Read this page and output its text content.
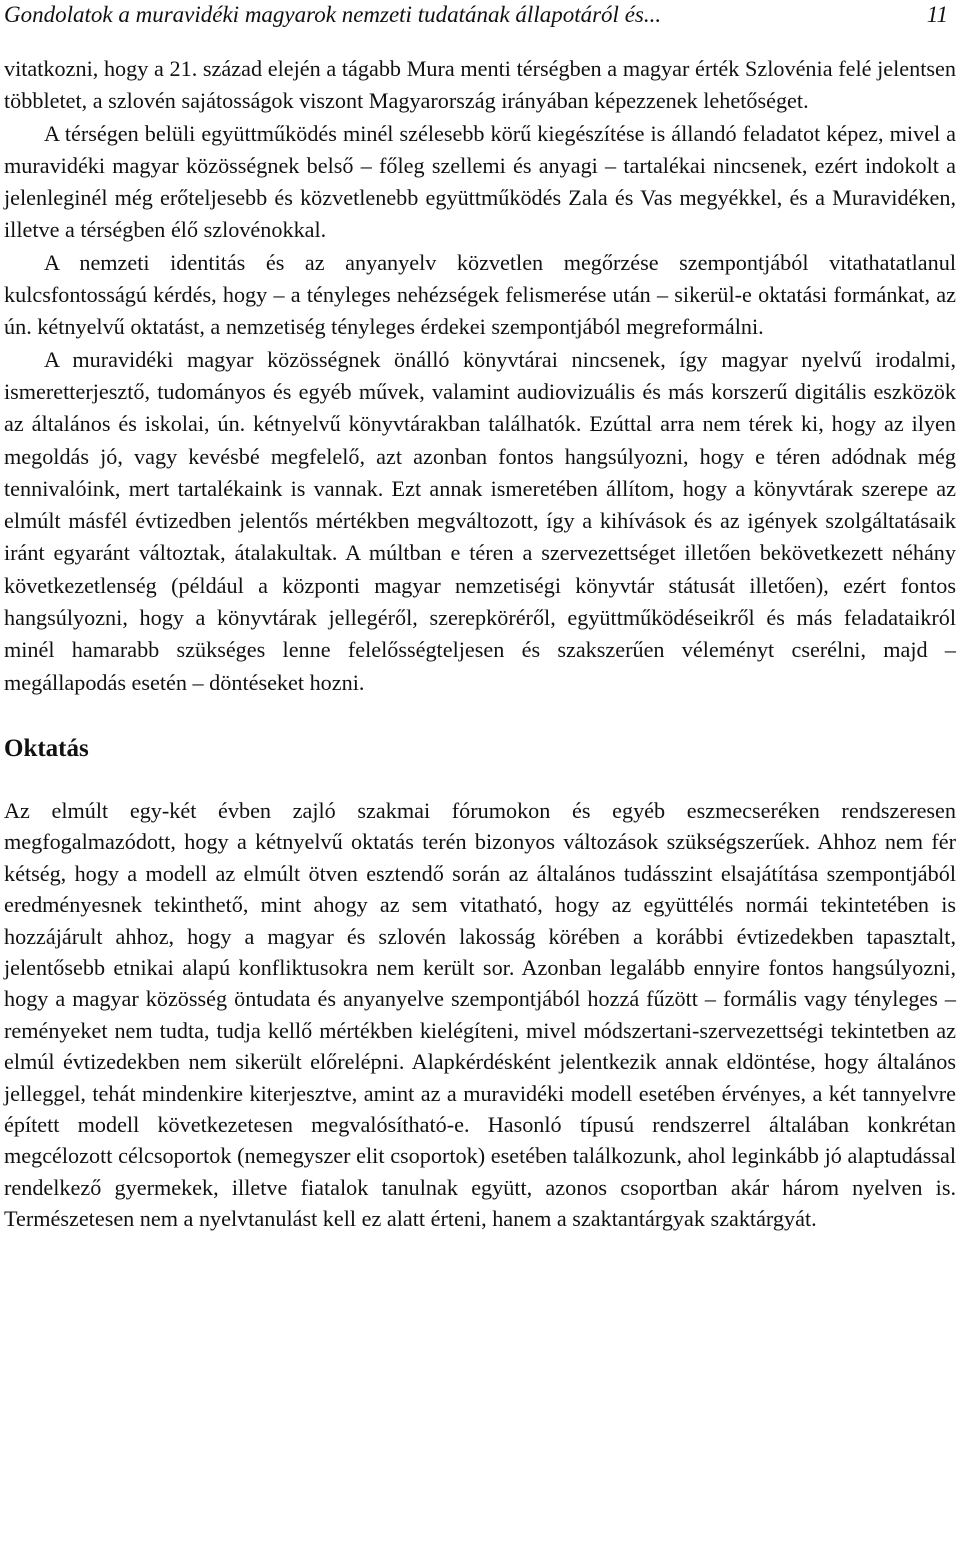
Gondolatok a muravidéki magyarok nemzeti tudatának állapotáról és...	11

vitatkozni, hogy a 21. század elején a tágabb Mura menti térségben a magyar érték Szlovénia felé jelentsen többletet, a szlovén sajátosságok viszont Magyarország irányában képezzenek lehetőséget.

A térségen belüli együttműködés minél szélesebb körű kiegészítése is állandó feladatot képez, mivel a muravidéki magyar közösségnek belső – főleg szellemi és anyagi – tartalékai nincsenek, ezért indokolt a jelenleginél még erőteljesebb és közvetlenebb együttműködés Zala és Vas megyékkel, és a Muravidéken, illetve a térségben élő szlovénokkal.

A nemzeti identitás és az anyanyelv közvetlen megőrzése szempontjából vitathatatlanul kulcsfontosságú kérdés, hogy – a tényleges nehézségek felismerése után – sikerül-e oktatási formánkat, az ún. kétnyelvű oktatást, a nemzetiség tényleges érdekei szempontjából megreformálni.

A muravidéki magyar közösségnek önálló könyvtárai nincsenek, így magyar nyelvű irodalmi, ismeretterjesztő, tudományos és egyéb művek, valamint audiovizuális és más korszerű digitális eszközök az általános és iskolai, ún. kétnyelvű könyvtárakban találhatók. Ezúttal arra nem térek ki, hogy az ilyen megoldás jó, vagy kevésbé megfelelő, azt azonban fontos hangsúlyozni, hogy e téren adódnak még tennivalóink, mert tartalékaink is vannak. Ezt annak ismeretében állítom, hogy a könyvtárak szerepe az elmúlt másfél évtizedben jelentős mértékben megváltozott, így a kihívások és az igények szolgáltatásaik iránt egyaránt változtak, átalakultak. A múltban e téren a szervezettséget illetően bekövetkezett néhány következetlenség (például a központi magyar nemzetiségi könyvtár státusát illetően), ezért fontos hangsúlyozni, hogy a könyvtárak jellegéről, szerepköréről, együttműködéseikről és más feladataikról minél hamarabb szükséges lenne felelősségteljesen és szakszerűen véleményt cserélni, majd – megállapodás esetén – döntéseket hozni.

Oktatás

Az elmúlt egy-két évben zajló szakmai fórumokon és egyéb eszmecseréken rendszeresen megfogalmazódott, hogy a kétnyelvű oktatás terén bizonyos változások szükségszerűek. Ahhoz nem fér kétség, hogy a modell az elmúlt ötven esztendő során az általános tudásszint elsajátítása szempontjából eredményesnek tekinthető, mint ahogy az sem vitatható, hogy az együttélés normái tekintetében is hozzájárult ahhoz, hogy a magyar és szlovén lakosság körében a korábbi évtizedekben tapasztalt, jelentősebb etnikai alapú konfliktusokra nem került sor. Azonban legalább ennyire fontos hangsúlyozni, hogy a magyar közösség öntudata és anyanyelve szempontjából hozzá fűzött – formális vagy tényleges – reményeket nem tudta, tudja kellő mértékben kielégíteni, mivel módszertani-szervezettségi tekintetben az elmúl évtizedekben nem sikerült előrelépni. Alapkérdésként jelentkezik annak eldöntése, hogy általános jelleggel, tehát mindenkire kiterjesztve, amint az a muravidéki modell esetében érvényes, a két tannyelvre épített modell következetesen megvalósítható-e. Hasonló típusú rendszerrel általában konkrétan megcélozott célcsoportok (nemegyszer elit csoportok) esetében találkozunk, ahol leginkább jó alaptudással rendelkező gyermekek, illetve fiatalok tanulnak együtt, azonos csoportban akár három nyelven is. Természetesen nem a nyelvtanulást kell ez alatt érteni, hanem a szaktantárgyak szaktárgyát.
